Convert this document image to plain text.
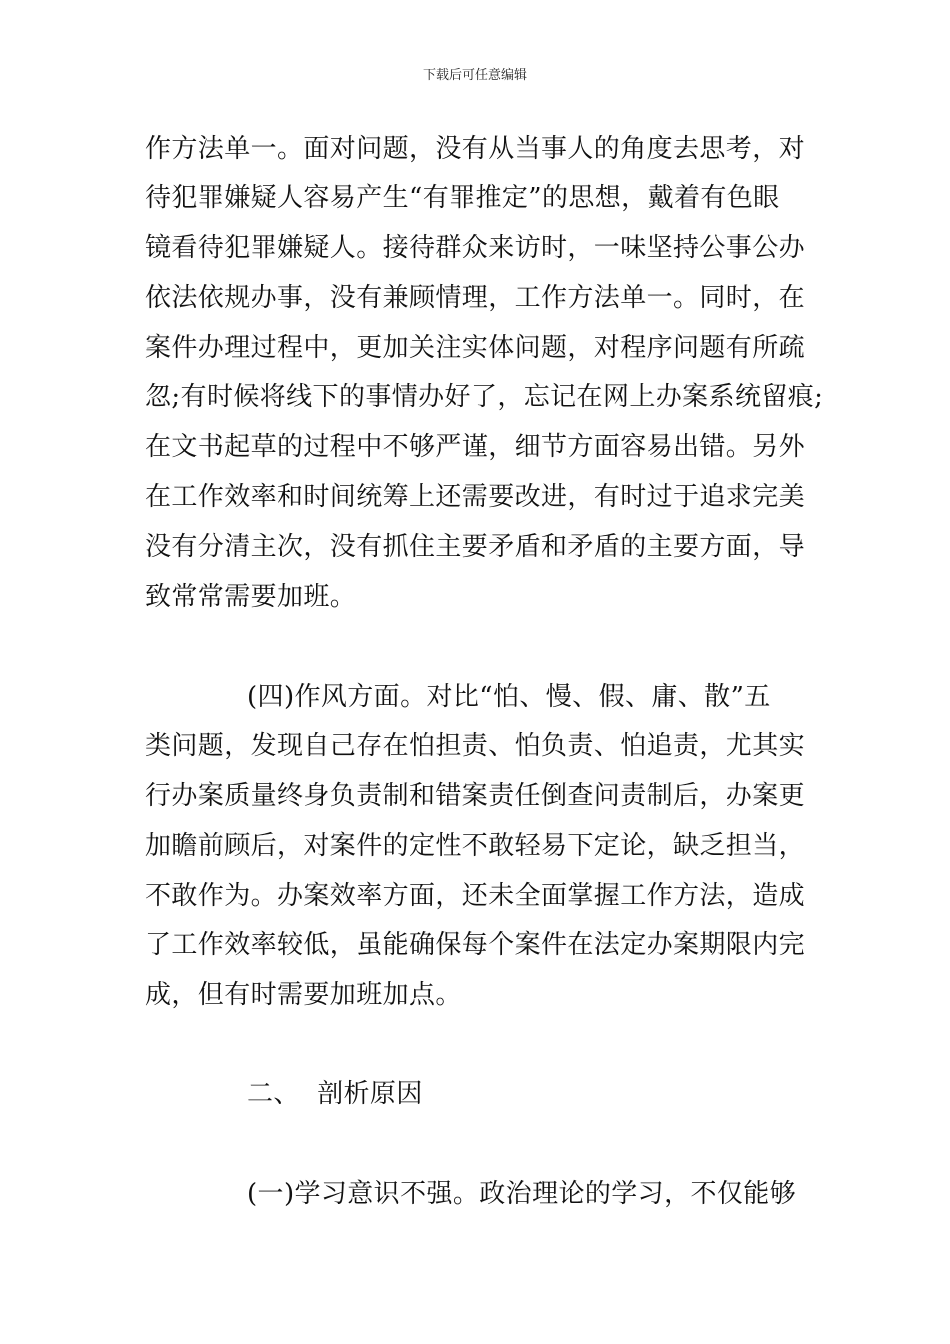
下载后可任意编辑
作方法单一。面对问题，没有从当事人的角度去思考，对
待犯罪嫌疑人容易产生“有罪推定”的思想，戴着有色眼
镜看待犯罪嫌疑人。接待群众来访时，一味坚持公事公办
依法依规办事，没有兼顾情理，工作方法单一。同时，在
案件办理过程中，更加关注实体问题，对程序问题有所疏
忽;有时候将线下的事情办好了，忘记在网上办案系统留痕;
在文书起草的过程中不够严谨，细节方面容易出错。另外
在工作效率和时间统筹上还需要改进，有时过于追求完美
没有分清主次，没有抓住主要矛盾和矛盾的主要方面，导
致常常需要加班。
(四)作风方面。对比“怕、慢、假、庸、散”五
类问题，发现自己存在怕担责、怕负责、怕追责，尤其实
行办案质量终身负责制和错案责任倒查问责制后，办案更
加瞻前顾后，对案件的定性不敢轻易下定论，缺乏担当，
不敢作为。办案效率方面，还未全面掌握工作方法，造成
了工作效率较低，虽能确保每个案件在法定办案期限内完
成，但有时需要加班加点。
二、  剖析原因
(一)学习意识不强。政治理论的学习，不仅能够
